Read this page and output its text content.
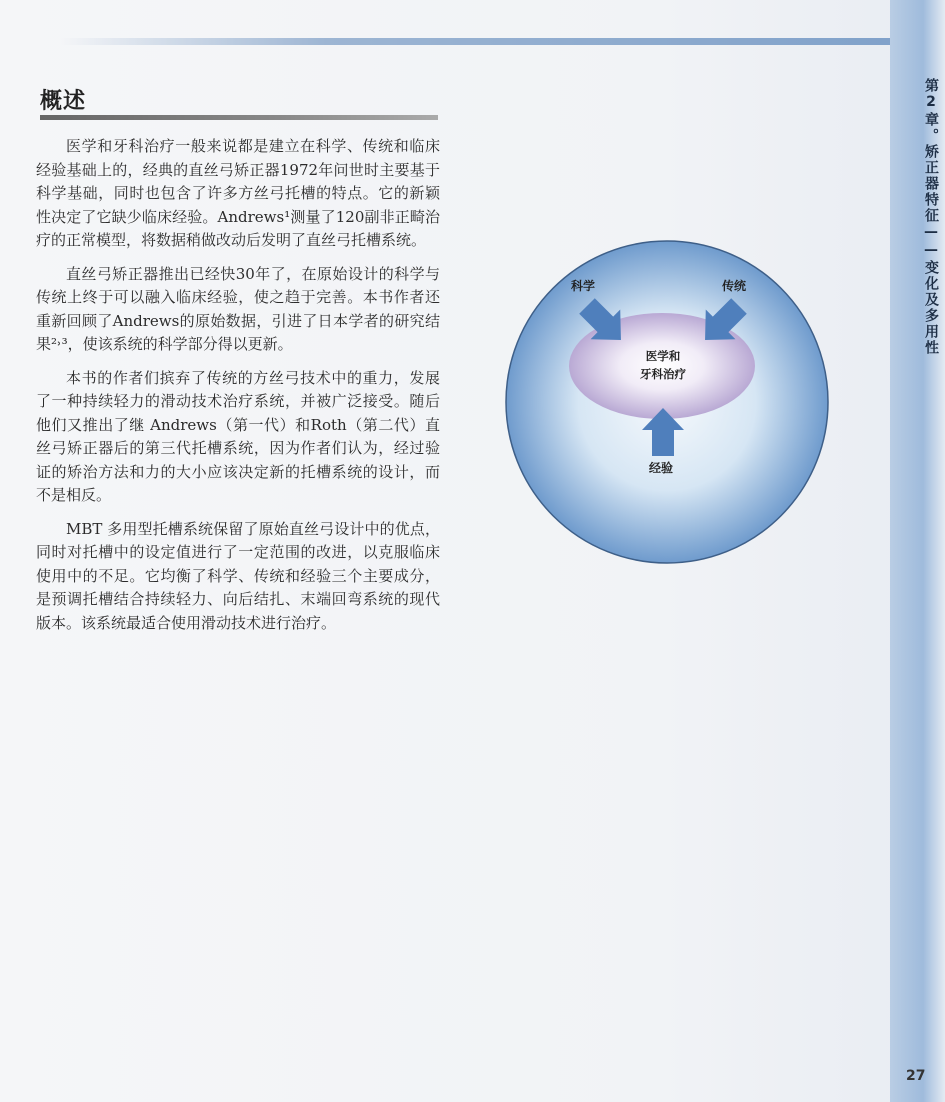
概述

医学和牙科治疗一般来说都是建立在科学、传统和临床经验基础上的，经典的直丝弓矫正器1972年问世时主要基于科学基础，同时也包含了许多方丝弓托槽的特点。它的新颖性决定了它缺少临床经验。Andrews¹测量了120副非正畸治疗的正常模型，将数据稍做改动后发明了直丝弓托槽系统。

直丝弓矫正器推出已经快30年了，在原始设计的科学与传统上终于可以融入临床经验，使之趋于完善。本书作者还重新回顾了Andrews的原始数据，引进了日本学者的研究结果²˒³，使该系统的科学部分得以更新。

本书的作者们摈弃了传统的方丝弓技术中的重力，发展了一种持续轻力的滑动技术治疗系统，并被广泛接受。随后他们又推出了继 Andrews（第一代）和Roth（第二代）直丝弓矫正器后的第三代托槽系统，因为作者们认为，经过验证的矫治方法和力的大小应该决定新的托槽系统的设计，而不是相反。

MBT 多用型托槽系统保留了原始直丝弓设计中的优点，同时对托槽中的设定值进行了一定范围的改进，以克服临床使用中的不足。它均衡了科学、传统和经验三个主要成分，是预调托槽结合持续轻力、向后结扎、末端回弯系统的现代版本。该系统最适合使用滑动技术进行治疗。

科学	传统
经验
医学和
牙科治疗
第2章。矫正器特征——变化及多用性
27
